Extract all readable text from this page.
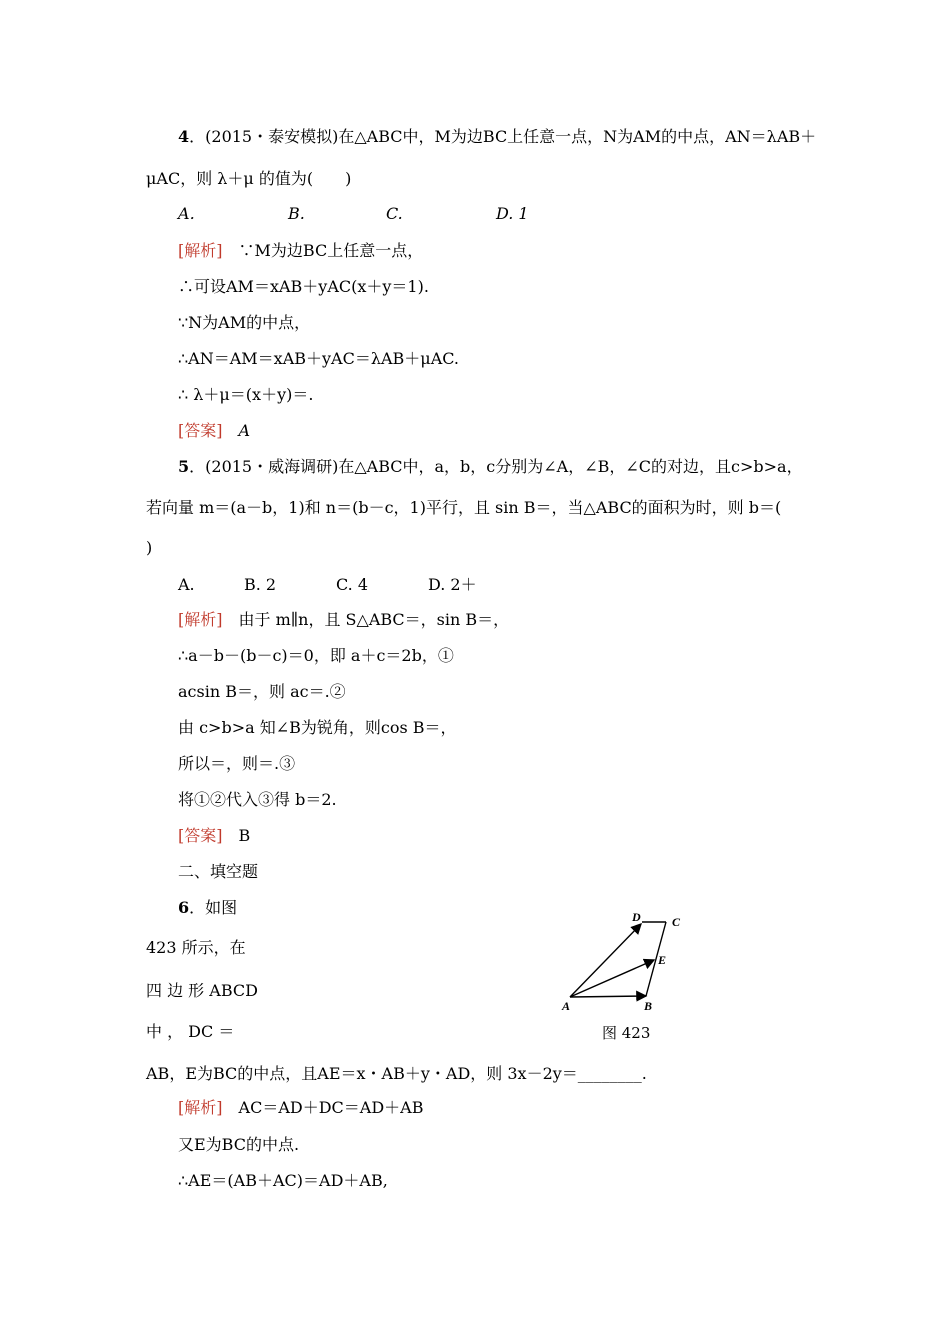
4．(2015・泰安模拟)在△ABC中，M为边BC上任意一点，N为AM的中点，AN＝λAB＋
μAC，则 λ＋μ 的值为(　　)
A．	B.	C.	D. 1
[解析]　 ∵M为边BC上任意一点，
∴可设AM＝xAB＋yAC(x＋y＝1).
∵N为AM的中点，
∴AN＝AM＝xAB＋yAC＝λAB＋μAC.
∴ λ＋μ＝(x＋y)＝.
[答案]　 A
5．(2015・威海调研)在△ABC中，a，b，c分别为∠A，∠B，∠C的对边，且c>b>a，
若向量 m＝(a－b，1)和 n＝(b－c，1)平行，且 sin B＝，当△ABC的面积为时，则 b＝(
)
A.	B. 2	C. 4	D. 2＋
[解析]　 由于 m∥n，且 S△ABC＝，sin B＝，
∴a－b－(b－c)＝0，即 a＋c＝2b，①
acsin B＝，则 ac＝.②
由 c>b>a 知∠B为锐角，则cos B＝，
所以＝，则＝.③
将①②代入③得 b＝2.
[答案]　 B
二、填空题
6．如图
423 所示，在
四 边 形 ABCD
中 ， DC ＝
AB，E为BC的中点，且AE＝x・AB＋y・AD，则 3x－2y＝________.
A	B
C
D
E
图 423
[解析]　 AC＝AD＋DC＝AD＋AB
又E为BC的中点.
∴AE＝(AB＋AC)＝AD＋AB,
